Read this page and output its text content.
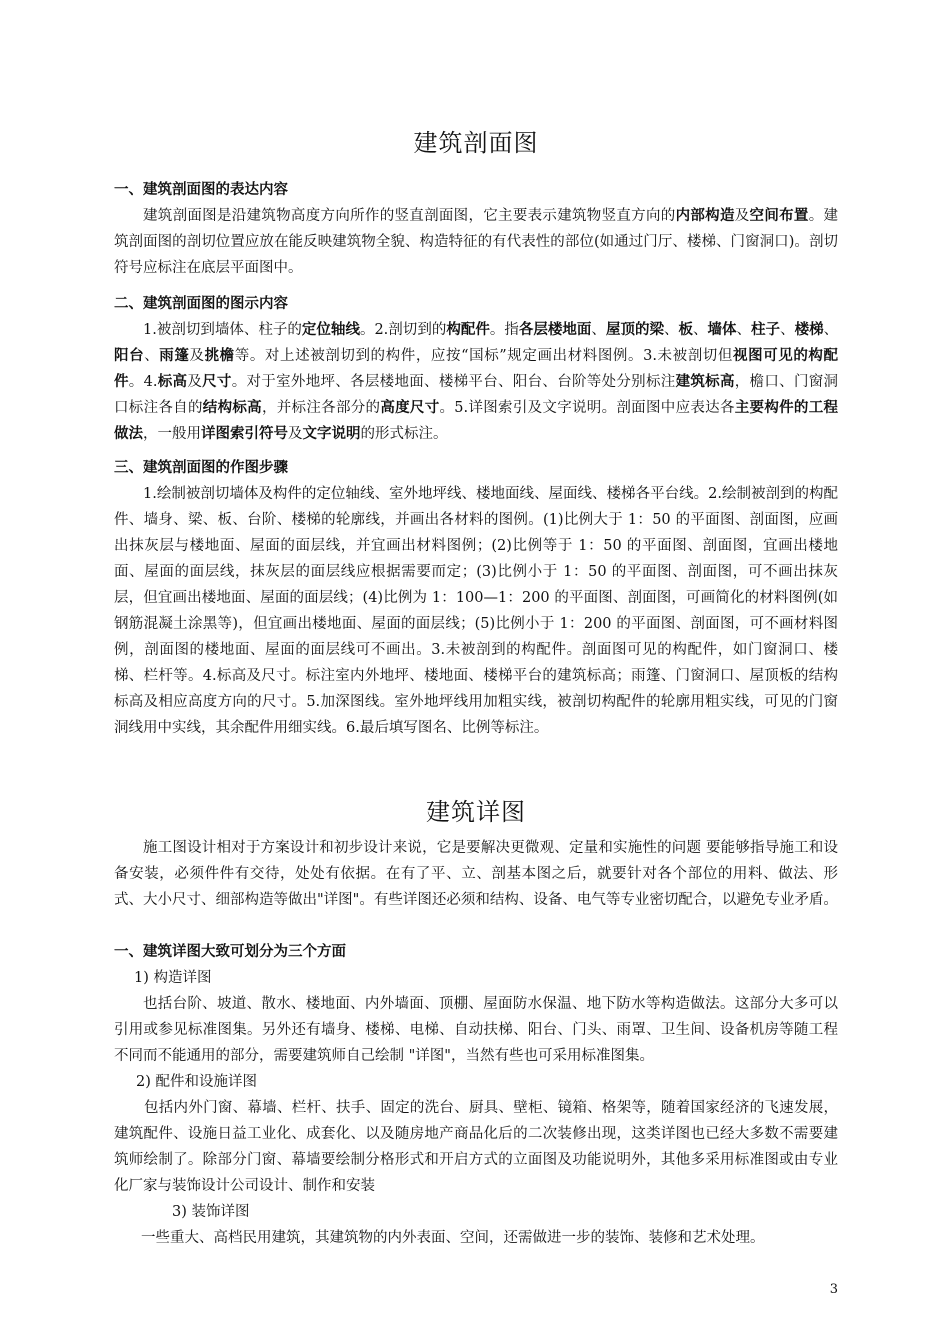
建筑剖面图
一、建筑剖面图的表达内容

建筑剖面图是沿建筑物高度方向所作的竖直剖面图，它主要表示建筑物竖直方向的内部构造及空间布置。建筑剖面图的剖切位置应放在能反映建筑物全貌、构造特征的有代表性的部位(如通过门厅、楼梯、门窗洞口)。剖切符号应标注在底层平面图中。

二、建筑剖面图的图示内容

1.被剖切到墙体、柱子的定位轴线。2.剖切到的构配件。指各层楼地面、屋顶的梁、板、墙体、柱子、楼梯、阳台、雨篷及挑檐等。对上述被剖切到的构件，应按“国标”规定画出材料图例。3.未被剖切但视图可见的构配件。4.标高及尺寸。对于室外地坪、各层楼地面、楼梯平台、阳台、台阶等处分别标注建筑标高，檐口、门窗洞口标注各自的结构标高，并标注各部分的高度尺寸。5.详图索引及文字说明。剖面图中应表达各主要构件的工程做法，一般用详图索引符号及文字说明的形式标注。

三、建筑剖面图的作图步骤

1.绘制被剖切墙体及构件的定位轴线、室外地坪线、楼地面线、屋面线、楼梯各平台线。2.绘制被剖到的构配件、墙身、梁、板、台阶、楼梯的轮廓线，并画出各材料的图例。(1)比例大于 1：50 的平面图、剖面图，应画出抹灰层与楼地面、屋面的面层线，并宜画出材料图例；(2)比例等于 1：50 的平面图、剖面图，宜画出楼地面、屋面的面层线，抹灰层的面层线应根据需要而定；(3)比例小于 1：50 的平面图、剖面图，可不画出抹灰层，但宜画出楼地面、屋面的面层线；(4)比例为 1：100—1：200 的平面图、剖面图，可画简化的材料图例(如钢筋混凝土涂黑等)，但宜画出楼地面、屋面的面层线；(5)比例小于 1：200 的平面图、剖面图，可不画材料图例，剖面图的楼地面、屋面的面层线可不画出。3.未被剖到的构配件。剖面图可见的构配件，如门窗洞口、楼梯、栏杆等。4.标高及尺寸。标注室内外地坪、楼地面、楼梯平台的建筑标高；雨篷、门窗洞口、屋顶板的结构标高及相应高度方向的尺寸。5.加深图线。室外地坪线用加粗实线，被剖切构配件的轮廓用粗实线，可见的门窗洞线用中实线，其余配件用细实线。6.最后填写图名、比例等标注。

建筑详图

施工图设计相对于方案设计和初步设计来说，它是要解决更微观、定量和实施性的问题 要能够指导施工和设备安装，必须件件有交待，处处有依据。在有了平、立、剖基本图之后，就要针对各个部位的用料、做法、形式、大小尺寸、细部构造等做出"详图"。有些详图还必须和结构、设备、电气等专业密切配合，以避免专业矛盾。

一、建筑详图大致可划分为三个方面
1) 构造详图

也括台阶、坡道、散水、楼地面、内外墙面、顶棚、屋面防水保温、地下防水等构造做法。这部分大多可以引用或参见标准图集。另外还有墙身、楼梯、电梯、自动扶梯、阳台、门头、雨罩、卫生间、设备机房等随工程不同而不能通用的部分，需要建筑师自己绘制 "详图"，当然有些也可采用标准图集。

2) 配件和设施详图

包括内外门窗、幕墙、栏杆、扶手、固定的洗台、厨具、壁柜、镜箱、格架等，随着国家经济的飞速发展，建筑配件、设施日益工业化、成套化、以及随房地产商品化后的二次装修出现，这类详图也已经大多数不需要建筑师绘制了。除部分门窗、幕墙要绘制分格形式和开启方式的立面图及功能说明外，其他多采用标准图或由专业化厂家与装饰设计公司设计、制作和安装

3) 装饰详图

一些重大、高档民用建筑，其建筑物的内外表面、空间，还需做进一步的装饰、装修和艺术处理。

3
